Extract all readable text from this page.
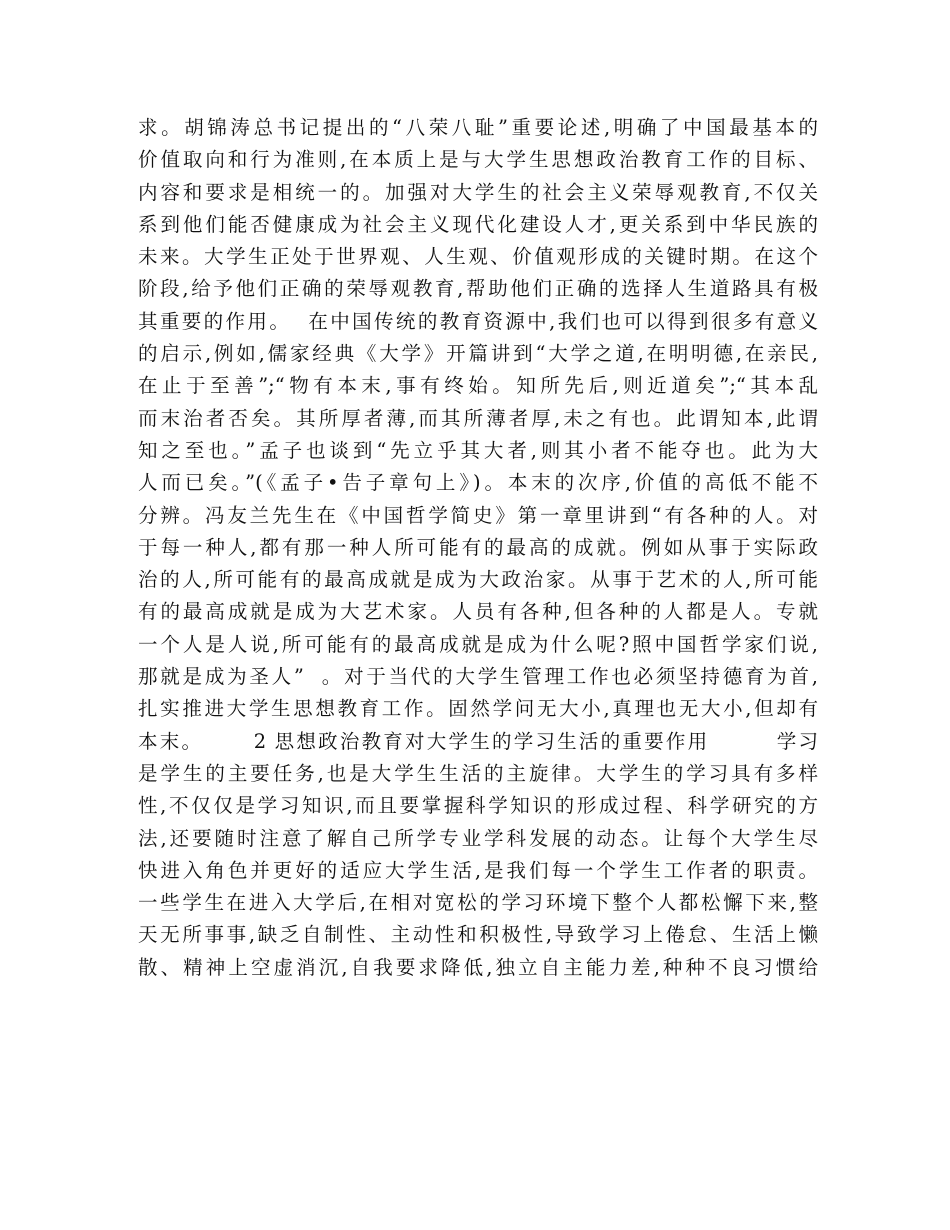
求。胡锦涛总书记提出的“八荣八耻”重要论述,明确了中国最基本的
价值取向和行为准则,在本质上是与大学生思想政治教育工作的目标、
内容和要求是相统一的。加强对大学生的社会主义荣辱观教育,不仅关
系到他们能否健康成为社会主义现代化建设人才,更关系到中华民族的
未来。大学生正处于世界观、人生观、价值观形成的关键时期。在这个
阶段,给予他们正确的荣辱观教育,帮助他们正确的选择人生道路具有极
其重要的作用。  在中国传统的教育资源中,我们也可以得到很多有意义
的启示,例如,儒家经典《大学》开篇讲到“大学之道,在明明德,在亲民,
在止于至善”;“物有本末,事有终始。知所先后,则近道矣”;“其本乱
而末治者否矣。其所厚者薄,而其所薄者厚,未之有也。此谓知本,此谓
知之至也。”孟子也谈到“先立乎其大者,则其小者不能夺也。此为大
人而已矣。”(《孟子•告子章句上》)。本末的次序,价值的高低不能不
分辨。冯友兰先生在《中国哲学简史》第一章里讲到“有各种的人。对
于每一种人,都有那一种人所可能有的最高的成就。例如从事于实际政
治的人,所可能有的最高成就是成为大政治家。从事于艺术的人,所可能
有的最高成就是成为大艺术家。人员有各种,但各种的人都是人。专就
一个人是人说,所可能有的最高成就是成为什么呢?照中国哲学家们说,
那就是成为圣人”  。对于当代的大学生管理工作也必须坚持德育为首,
扎实推进大学生思想教育工作。固然学问无大小,真理也无大小,但却有
本末。      2 思想政治教育对大学生的学习生活的重要作用        学习
是学生的主要任务,也是大学生生活的主旋律。大学生的学习具有多样
性,不仅仅是学习知识,而且要掌握科学知识的形成过程、科学研究的方
法,还要随时注意了解自己所学专业学科发展的动态。让每个大学生尽
快进入角色并更好的适应大学生活,是我们每一个学生工作者的职责。
一些学生在进入大学后,在相对宽松的学习环境下整个人都松懈下来,整
天无所事事,缺乏自制性、主动性和积极性,导致学习上倦怠、生活上懒
散、精神上空虚消沉,自我要求降低,独立自主能力差,种种不良习惯给
